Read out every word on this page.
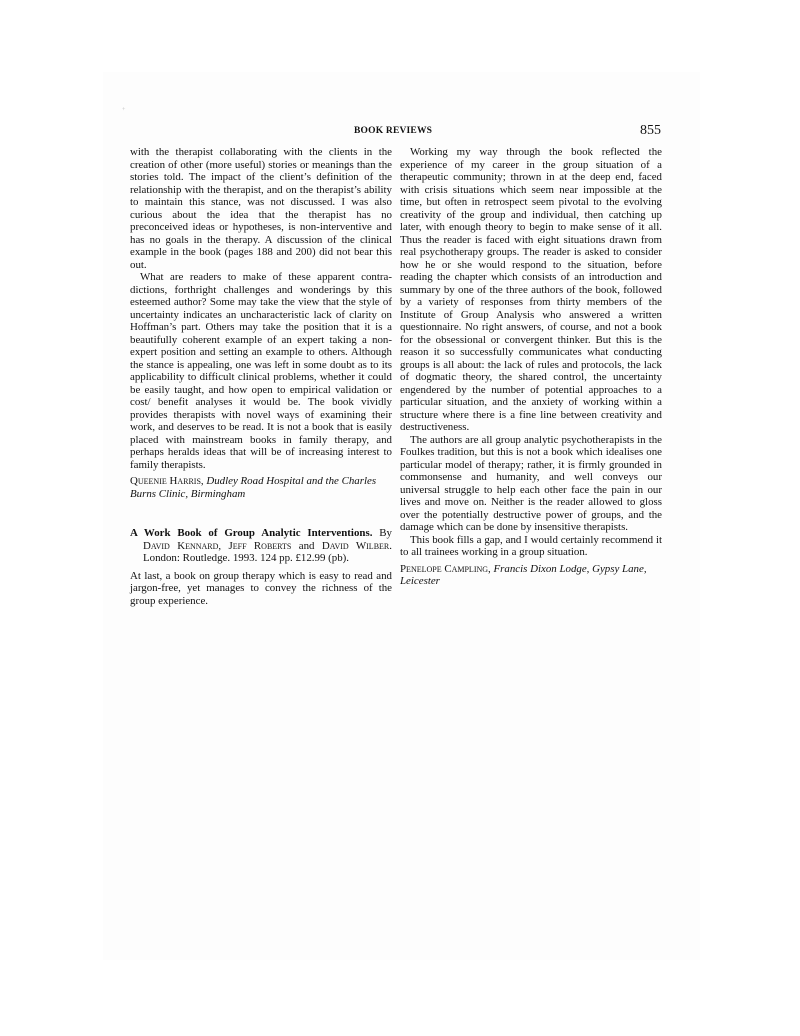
+
BOOK REVIEWS	855

with the therapist collaborating with the clients in the creation of other (more useful) stories or meanings than the stories told. The impact of the client’s definition of the relationship with the therapist, and on the therapist’s ability to maintain this stance, was not discussed. I was also curious about the idea that the therapist has no preconceived ideas or hypotheses, is non-interventive and has no goals in the therapy. A discussion of the clinical example in the book (pages 188 and 200) did not bear this out.

What are readers to make of these apparent contradictions, forthright challenges and wonderings by this esteemed author? Some may take the view that the style of uncertainty indicates an uncharacteristic lack of clarity on Hoffman’s part. Others may take the position that it is a beautifully coherent example of an expert taking a non-expert position and setting an example to others. Although the stance is appealing, one was left in some doubt as to its applicability to difficult clinical problems, whether it could be easily taught, and how open to empirical validation or cost/ benefit analyses it would be. The book vividly provides therapists with novel ways of examining their work, and deserves to be read. It is not a book that is easily placed with mainstream books in family therapy, and perhaps heralds ideas that will be of increasing interest to family therapists.

Queenie Harris, Dudley Road Hospital and the Charles Burns Clinic, Birmingham

A Work Book of Group Analytic Interventions. By David Kennard, Jeff Roberts and David Wilber. London: Routledge. 1993. 124 pp. £12.99 (pb).

At last, a book on group therapy which is easy to read and jargon-free, yet manages to convey the richness of the group experience.

Working my way through the book reflected the experience of my career in the group situation of a therapeutic community; thrown in at the deep end, faced with crisis situations which seem near impossible at the time, but often in retrospect seem pivotal to the evolving creativity of the group and individual, then catching up later, with enough theory to begin to make sense of it all. Thus the reader is faced with eight situations drawn from real psychotherapy groups. The reader is asked to consider how he or she would respond to the situation, before reading the chapter which consists of an introduction and summary by one of the three authors of the book, followed by a variety of responses from thirty members of the Institute of Group Analysis who answered a written questionnaire. No right answers, of course, and not a book for the obsessional or convergent thinker. But this is the reason it so successfully communicates what conducting groups is all about: the lack of rules and protocols, the lack of dogmatic theory, the shared control, the uncertainty engendered by the number of potential approaches to a particular situation, and the anxiety of working within a structure where there is a fine line between creativity and destructiveness.

The authors are all group analytic psychotherapists in the Foulkes tradition, but this is not a book which idealises one particular model of therapy; rather, it is firmly grounded in commonsense and humanity, and well conveys our universal struggle to help each other face the pain in our lives and move on. Neither is the reader allowed to gloss over the potentially destructive power of groups, and the damage which can be done by insensitive therapists.

This book fills a gap, and I would certainly recommend it to all trainees working in a group situation.

Penelope Campling, Francis Dixon Lodge, Gypsy Lane, Leicester
